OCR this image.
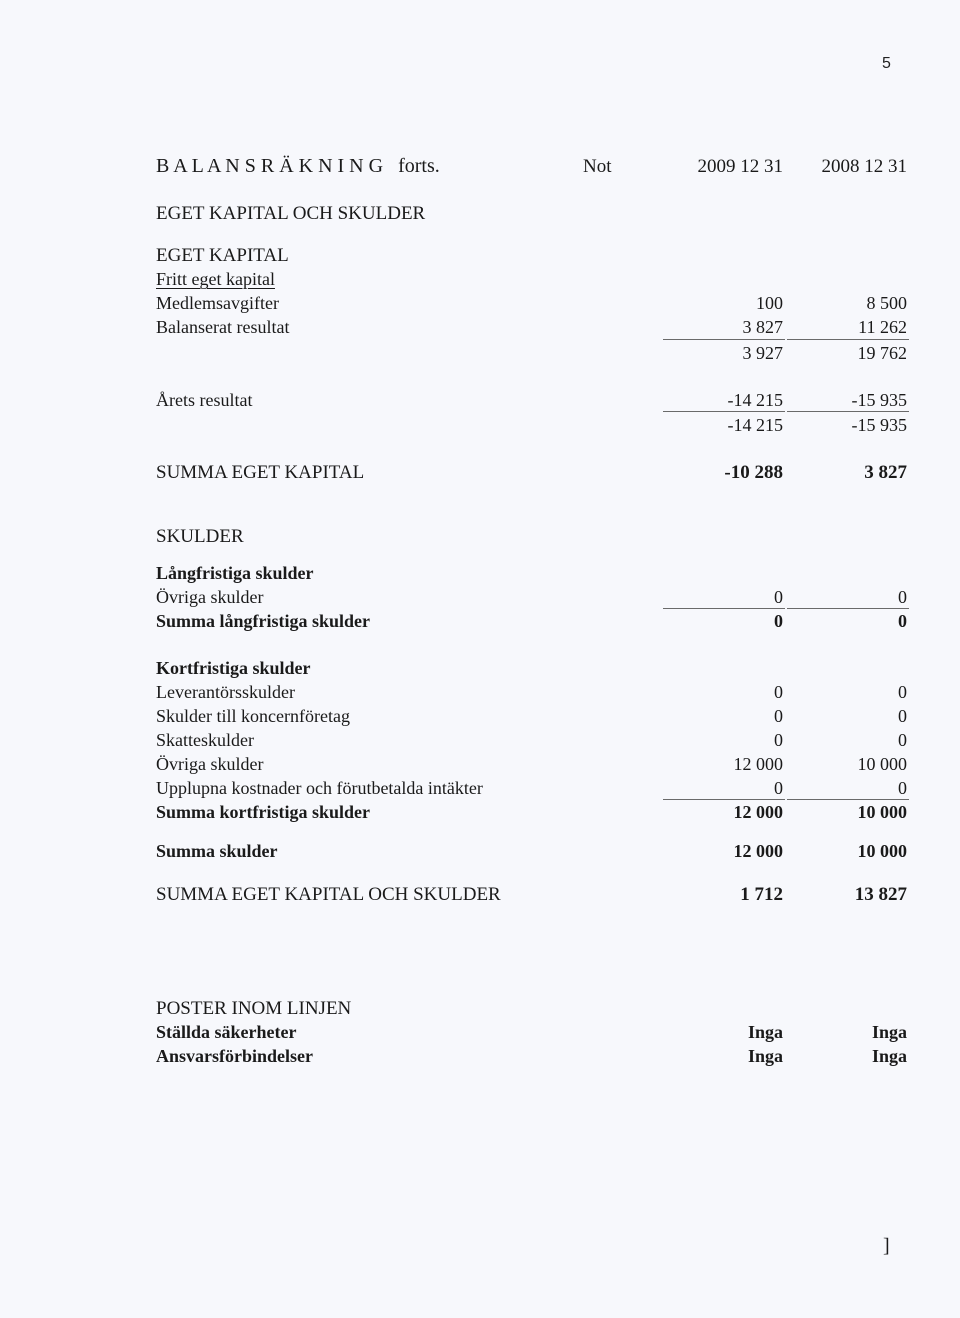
5
B A L A N S R Ä K N I N G forts.	Not	2009 12 31 2008 12 31
EGET KAPITAL OCH SKULDER
EGET KAPITAL
Fritt eget kapital
Medlemsavgifter	100	8 500
Balanserat resultat	3 827	11 262
3 927	19 762
Årets resultat	-14 215	-15 935
-14 215	-15 935
SUMMA EGET KAPITAL	-10 288	3 827
SKULDER
Långfristiga skulder
Övriga skulder	0	0
Summa långfristiga skulder	0	0
Kortfristiga skulder
Leverantörsskulder	0	0
Skulder till koncernföretag	0	0
Skatteskulder	0	0
Övriga skulder	12 000	10 000
Upplupna kostnader och förutbetalda intäkter	0	0
Summa kortfristiga skulder	12 000	10 000
Summa skulder	12 000	10 000
SUMMA EGET KAPITAL OCH SKULDER	1 712	13 827
POSTER INOM LINJEN
Ställda säkerheter	Inga	Inga
Ansvarsförbindelser	Inga	Inga
]
